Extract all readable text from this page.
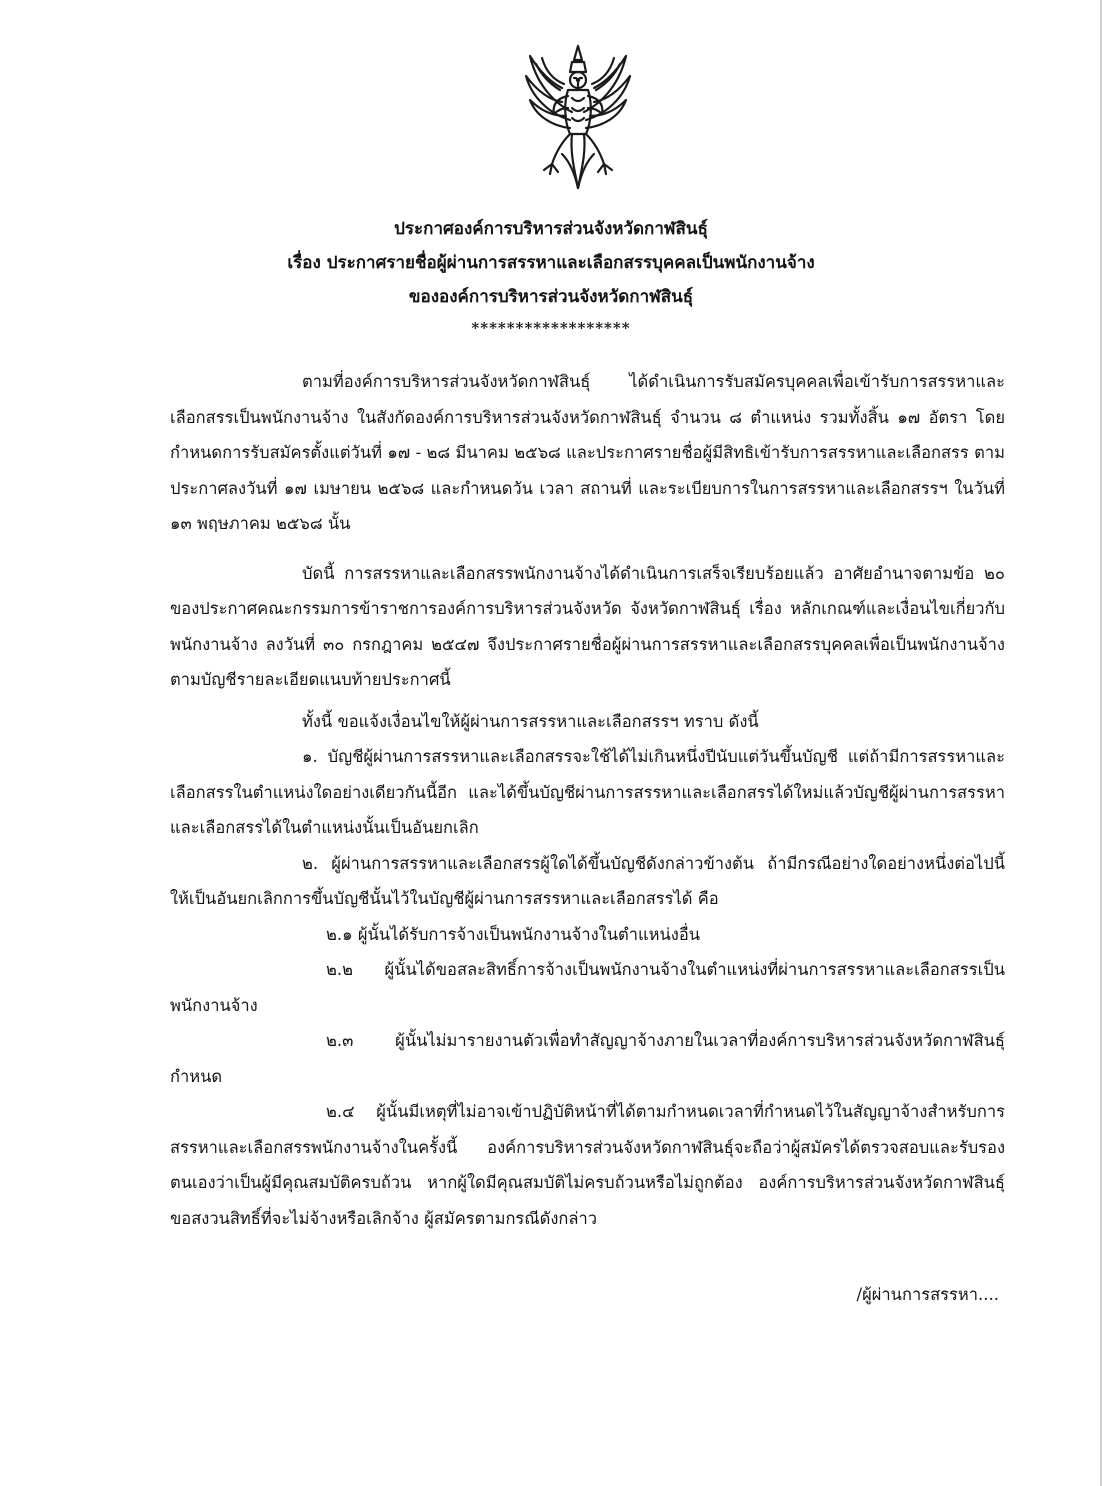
ประกาศองค์การบริหารส่วนจังหวัดกาฬสินธุ์
เรื่อง ประกาศรายชื่อผู้ผ่านการสรรหาและเลือกสรรบุคคลเป็นพนักงานจ้าง
ขององค์การบริหารส่วนจังหวัดกาฬสินธุ์
******************

ตามที่องค์การบริหารส่วนจังหวัดกาฬสินธุ์ ได้ดำเนินการรับสมัครบุคคลเพื่อเข้ารับการสรรหาและเลือกสรรเป็นพนักงานจ้าง ในสังกัดองค์การบริหารส่วนจังหวัดกาฬสินธุ์ จำนวน ๘ ตำแหน่ง รวมทั้งสิ้น ๑๗ อัตรา โดยกำหนดการรับสมัครตั้งแต่วันที่ ๑๗ - ๒๘ มีนาคม ๒๕๖๘ และประกาศรายชื่อผู้มีสิทธิเข้ารับการสรรหาและเลือกสรร ตามประกาศลงวันที่ ๑๗ เมษายน ๒๕๖๘ และกำหนดวัน เวลา สถานที่ และระเบียบการในการสรรหาและเลือกสรรฯ ในวันที่ ๑๓ พฤษภาคม ๒๕๖๘ นั้น

บัดนี้ การสรรหาและเลือกสรรพนักงานจ้างได้ดำเนินการเสร็จเรียบร้อยแล้ว อาศัยอำนาจตามข้อ ๒๐ ของประกาศคณะกรรมการข้าราชการองค์การบริหารส่วนจังหวัด จังหวัดกาฬสินธุ์ เรื่อง หลักเกณฑ์และเงื่อนไขเกี่ยวกับพนักงานจ้าง ลงวันที่ ๓๐ กรกฎาคม ๒๕๔๗ จึงประกาศรายชื่อผู้ผ่านการสรรหาและเลือกสรรบุคคลเพื่อเป็นพนักงานจ้าง ตามบัญชีรายละเอียดแนบท้ายประกาศนี้

ทั้งนี้ ขอแจ้งเงื่อนไขให้ผู้ผ่านการสรรหาและเลือกสรรฯ ทราบ ดังนี้

๑. บัญชีผู้ผ่านการสรรหาและเลือกสรรจะใช้ได้ไม่เกินหนึ่งปีนับแต่วันขึ้นบัญชี แต่ถ้ามีการสรรหาและเลือกสรรในตำแหน่งใดอย่างเดียวกันนี้อีก และได้ขึ้นบัญชีผ่านการสรรหาและเลือกสรรได้ใหม่แล้วบัญชีผู้ผ่านการสรรหาและเลือกสรรได้ในตำแหน่งนั้นเป็นอันยกเลิก

๒. ผู้ผ่านการสรรหาและเลือกสรรผู้ใดได้ขึ้นบัญชีดังกล่าวข้างต้น ถ้ามีกรณีอย่างใดอย่างหนึ่งต่อไปนี้ให้เป็นอันยกเลิกการขึ้นบัญชีนั้นไว้ในบัญชีผู้ผ่านการสรรหาและเลือกสรรได้ คือ

๒.๑ ผู้นั้นได้รับการจ้างเป็นพนักงานจ้างในตำแหน่งอื่น

๒.๒ ผู้นั้นได้ขอสละสิทธิ์การจ้างเป็นพนักงานจ้างในตำแหน่งที่ผ่านการสรรหาและเลือกสรรเป็นพนักงานจ้าง

๒.๓ ผู้นั้นไม่มารายงานตัวเพื่อทำสัญญาจ้างภายในเวลาที่องค์การบริหารส่วนจังหวัดกาฬสินธุ์กำหนด

๒.๔ ผู้นั้นมีเหตุที่ไม่อาจเข้าปฏิบัติหน้าที่ได้ตามกำหนดเวลาที่กำหนดไว้ในสัญญาจ้างสำหรับการสรรหาและเลือกสรรพนักงานจ้างในครั้งนี้ องค์การบริหารส่วนจังหวัดกาฬสินธุ์จะถือว่าผู้สมัครได้ตรวจสอบและรับรองตนเองว่าเป็นผู้มีคุณสมบัติครบถ้วน หากผู้ใดมีคุณสมบัติไม่ครบถ้วนหรือไม่ถูกต้อง องค์การบริหารส่วนจังหวัดกาฬสินธุ์ขอสงวนสิทธิ์ที่จะไม่จ้างหรือเลิกจ้าง ผู้สมัครตามกรณีดังกล่าว

/ผู้ผ่านการสรรหา....
